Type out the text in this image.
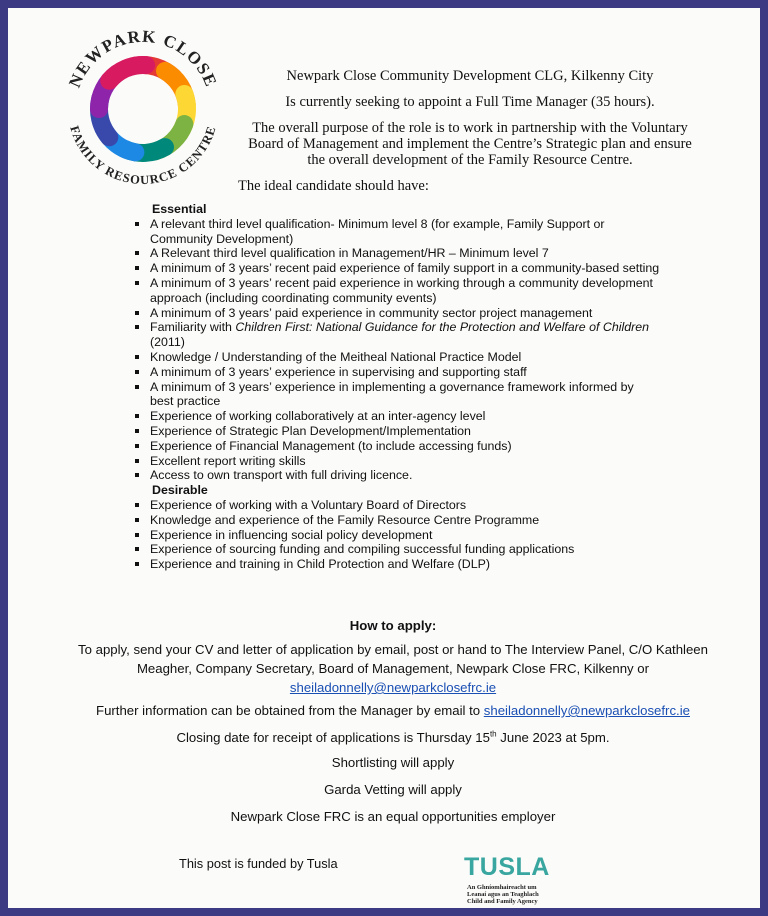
NEWPARK CLOSE
FAMILY RESOURCE CENTRE
Newpark Close Community Development CLG, Kilkenny City
Is currently seeking to appoint a Full Time Manager (35 hours).
The overall purpose of the role is to work in partnership with the Voluntary Board of Management and implement the Centre’s Strategic plan and ensure the overall development of the Family Resource Centre.
The ideal candidate should have:
Essential
A relevant third level qualification- Minimum level 8 (for example, Family Support or Community Development)
A Relevant third level qualification in Management/HR – Minimum level 7
A minimum of 3 years’ recent paid experience of family support in a community-based setting
A minimum of 3 years’ recent paid experience in working through a community development approach (including coordinating community events)
A minimum of 3 years’ paid experience in community sector project management
Familiarity with Children First: National Guidance for the Protection and Welfare of Children (2011)
Knowledge / Understanding of the Meitheal National Practice Model
A minimum of 3 years’ experience in supervising and supporting staff
A minimum of 3 years’ experience in implementing a governance framework informed by best practice
Experience of working collaboratively at an inter-agency level
Experience of Strategic Plan Development/Implementation
Experience of Financial Management (to include accessing funds)
Excellent report writing skills
Access to own transport with full driving licence.
Desirable
Experience of working with a Voluntary Board of Directors
Knowledge and experience of the Family Resource Centre Programme
Experience in influencing social policy development
Experience of sourcing funding and compiling successful funding applications
Experience and training in Child Protection and Welfare (DLP)
How to apply:
To apply, send your CV and letter of application by email, post or hand to The Interview Panel, C/O Kathleen Meagher, Company Secretary, Board of Management, Newpark Close FRC, Kilkenny or
sheiladonnelly@newparkclosefrc.ie
Further information can be obtained from the Manager by email to sheiladonnelly@newparkclosefrc.ie
Closing date for receipt of applications is Thursday 15th June 2023 at 5pm.
Shortlisting will apply
Garda Vetting will apply
Newpark Close FRC is an equal opportunities employer
This post is funded by Tusla	TUSLA
An Ghníomhaireacht um
Leanaí agus an Teaghlach
Child and Family Agency
